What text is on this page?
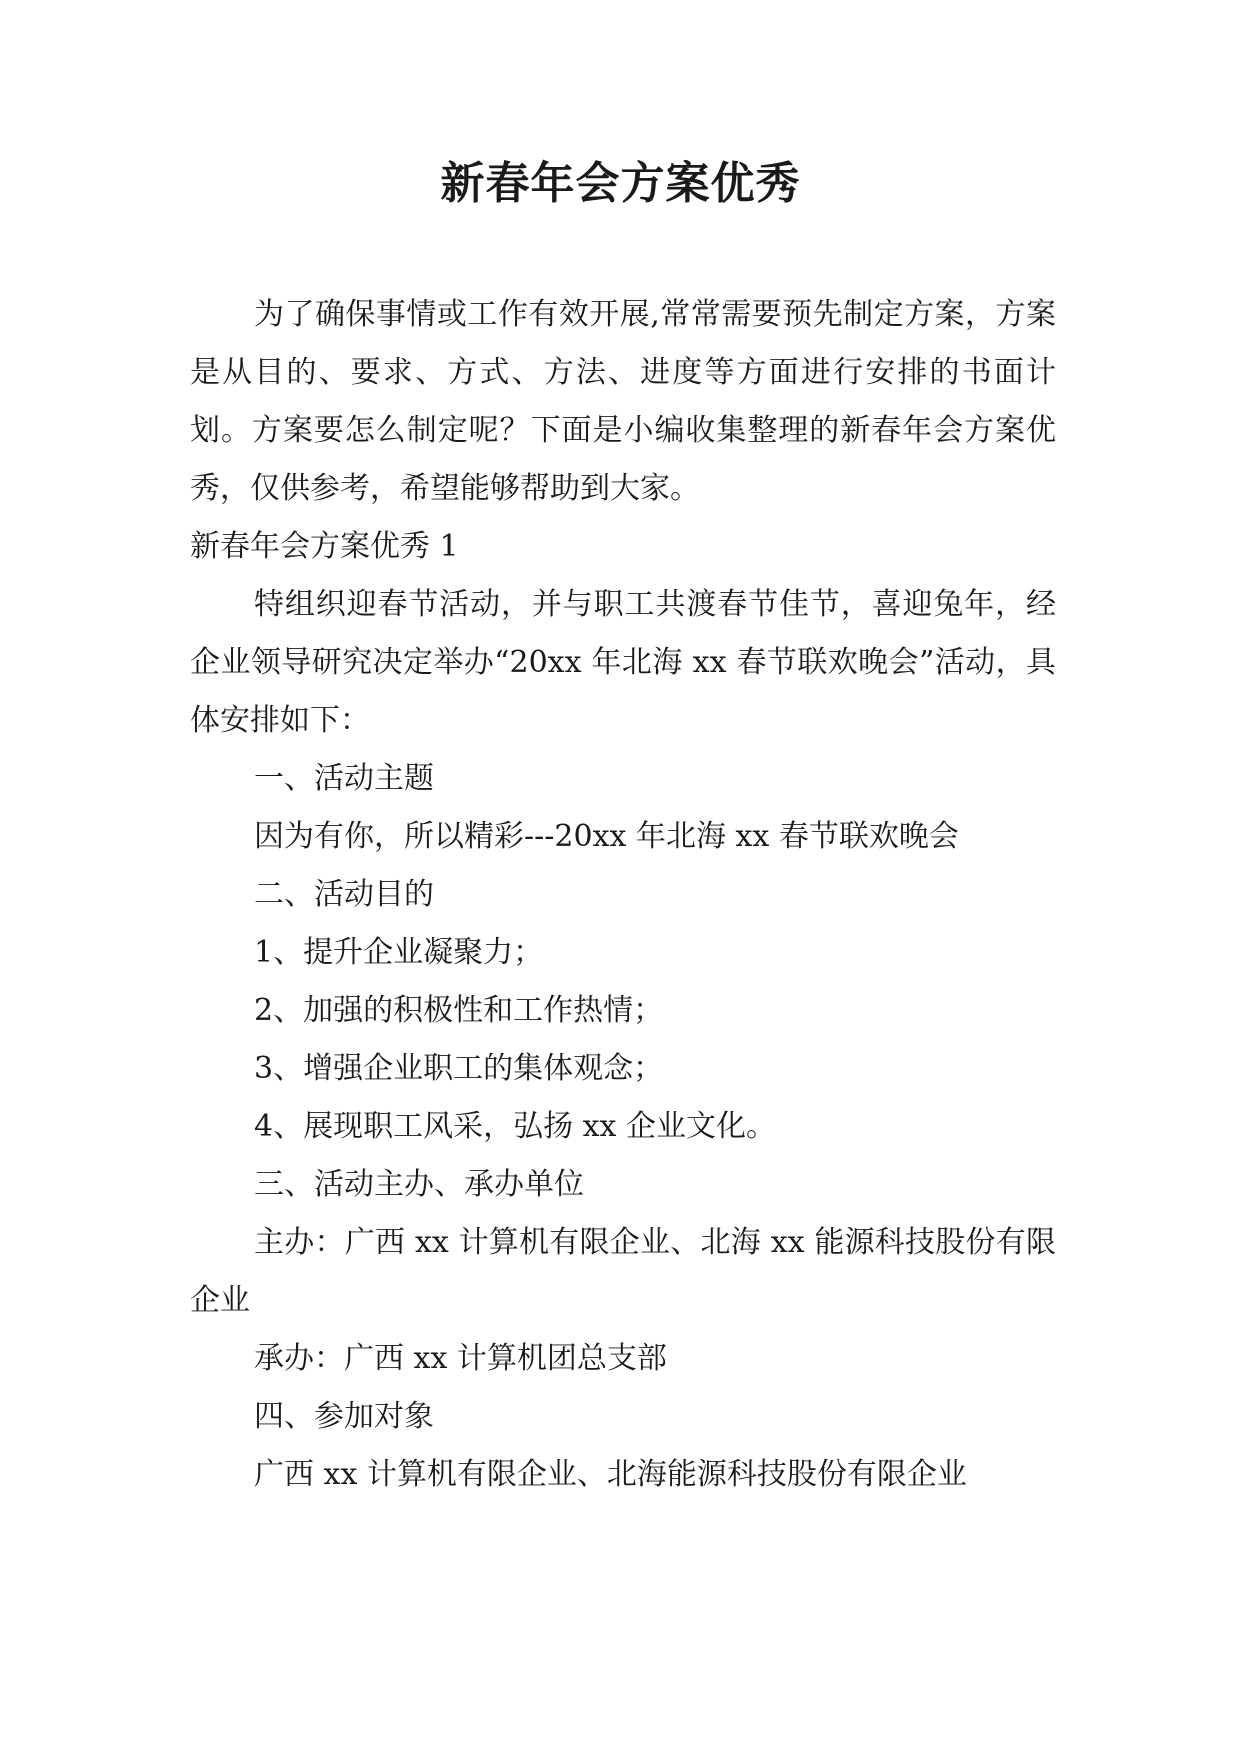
新春年会方案优秀

为了确保事情或工作有效开展,常常需要预先制定方案，方案是从目的、要求、方式、方法、进度等方面进行安排的书面计划。方案要怎么制定呢？下面是小编收集整理的新春年会方案优秀，仅供参考，希望能够帮助到大家。

新春年会方案优秀 1

特组织迎春节活动，并与职工共渡春节佳节，喜迎兔年，经企业领导研究决定举办“20xx 年北海 xx 春节联欢晚会”活动，具体安排如下：

一、活动主题

因为有你，所以精彩---20xx 年北海 xx 春节联欢晚会

二、活动目的

1、提升企业凝聚力；

2、加强的积极性和工作热情；

3、增强企业职工的集体观念；

4、展现职工风采，弘扬 xx 企业文化。

三、活动主办、承办单位

主办：广西 xx 计算机有限企业、北海 xx 能源科技股份有限企业

承办：广西 xx 计算机团总支部

四、参加对象

广西 xx 计算机有限企业、北海能源科技股份有限企业
